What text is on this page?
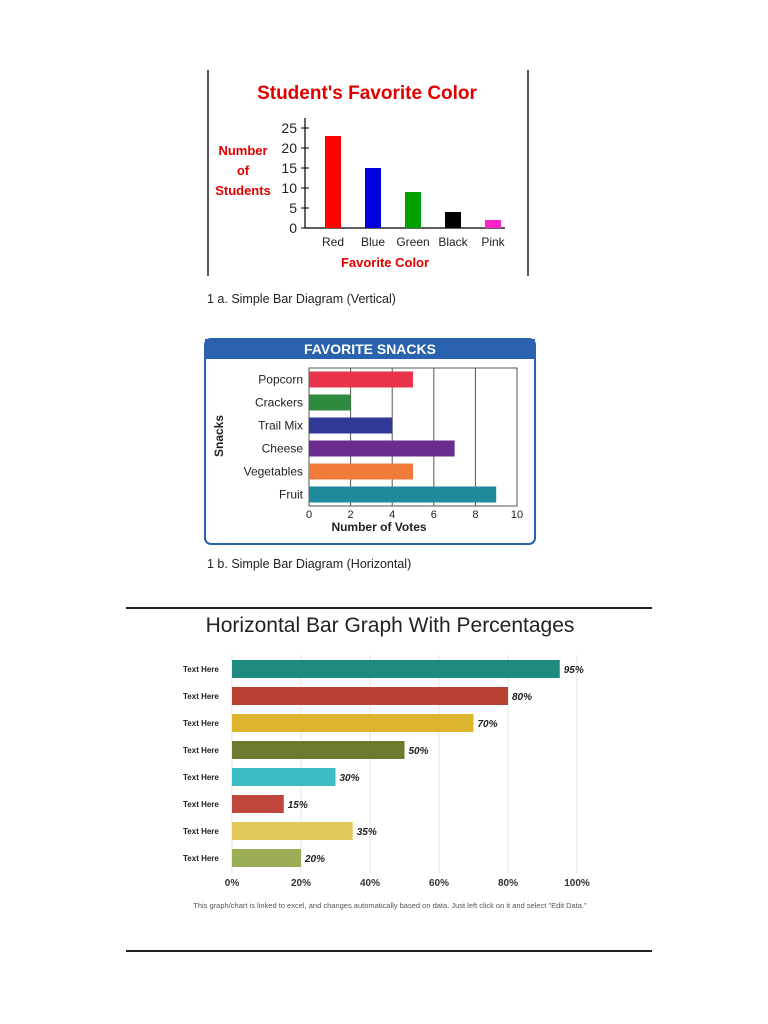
Student's Favorite Color
Number
of
Students
0
5
10
15
20
25
Red Blue Green Black Pink
Favorite Color
1 a. Simple Bar Diagram (Vertical)
FAVORITE SNACKS
Popcorn
Crackers
Trail Mix
Cheese
Vegetables
Fruit
0	2	4	6	8	10
Number of Votes
Snacks
1 b. Simple Bar Diagram (Horizontal)
Horizontal Bar Graph With Percentages
Text Here
Text Here
Text Here
Text Here
Text Here
Text Here
Text Here
Text Here
95%
80%
70%
50%
30%
15%
35%
20%
0%	20%	40%	60%	80%	100%
This graph/chart is linked to excel, and changes automatically based on data. Just left click on it and select "Edit Data."
